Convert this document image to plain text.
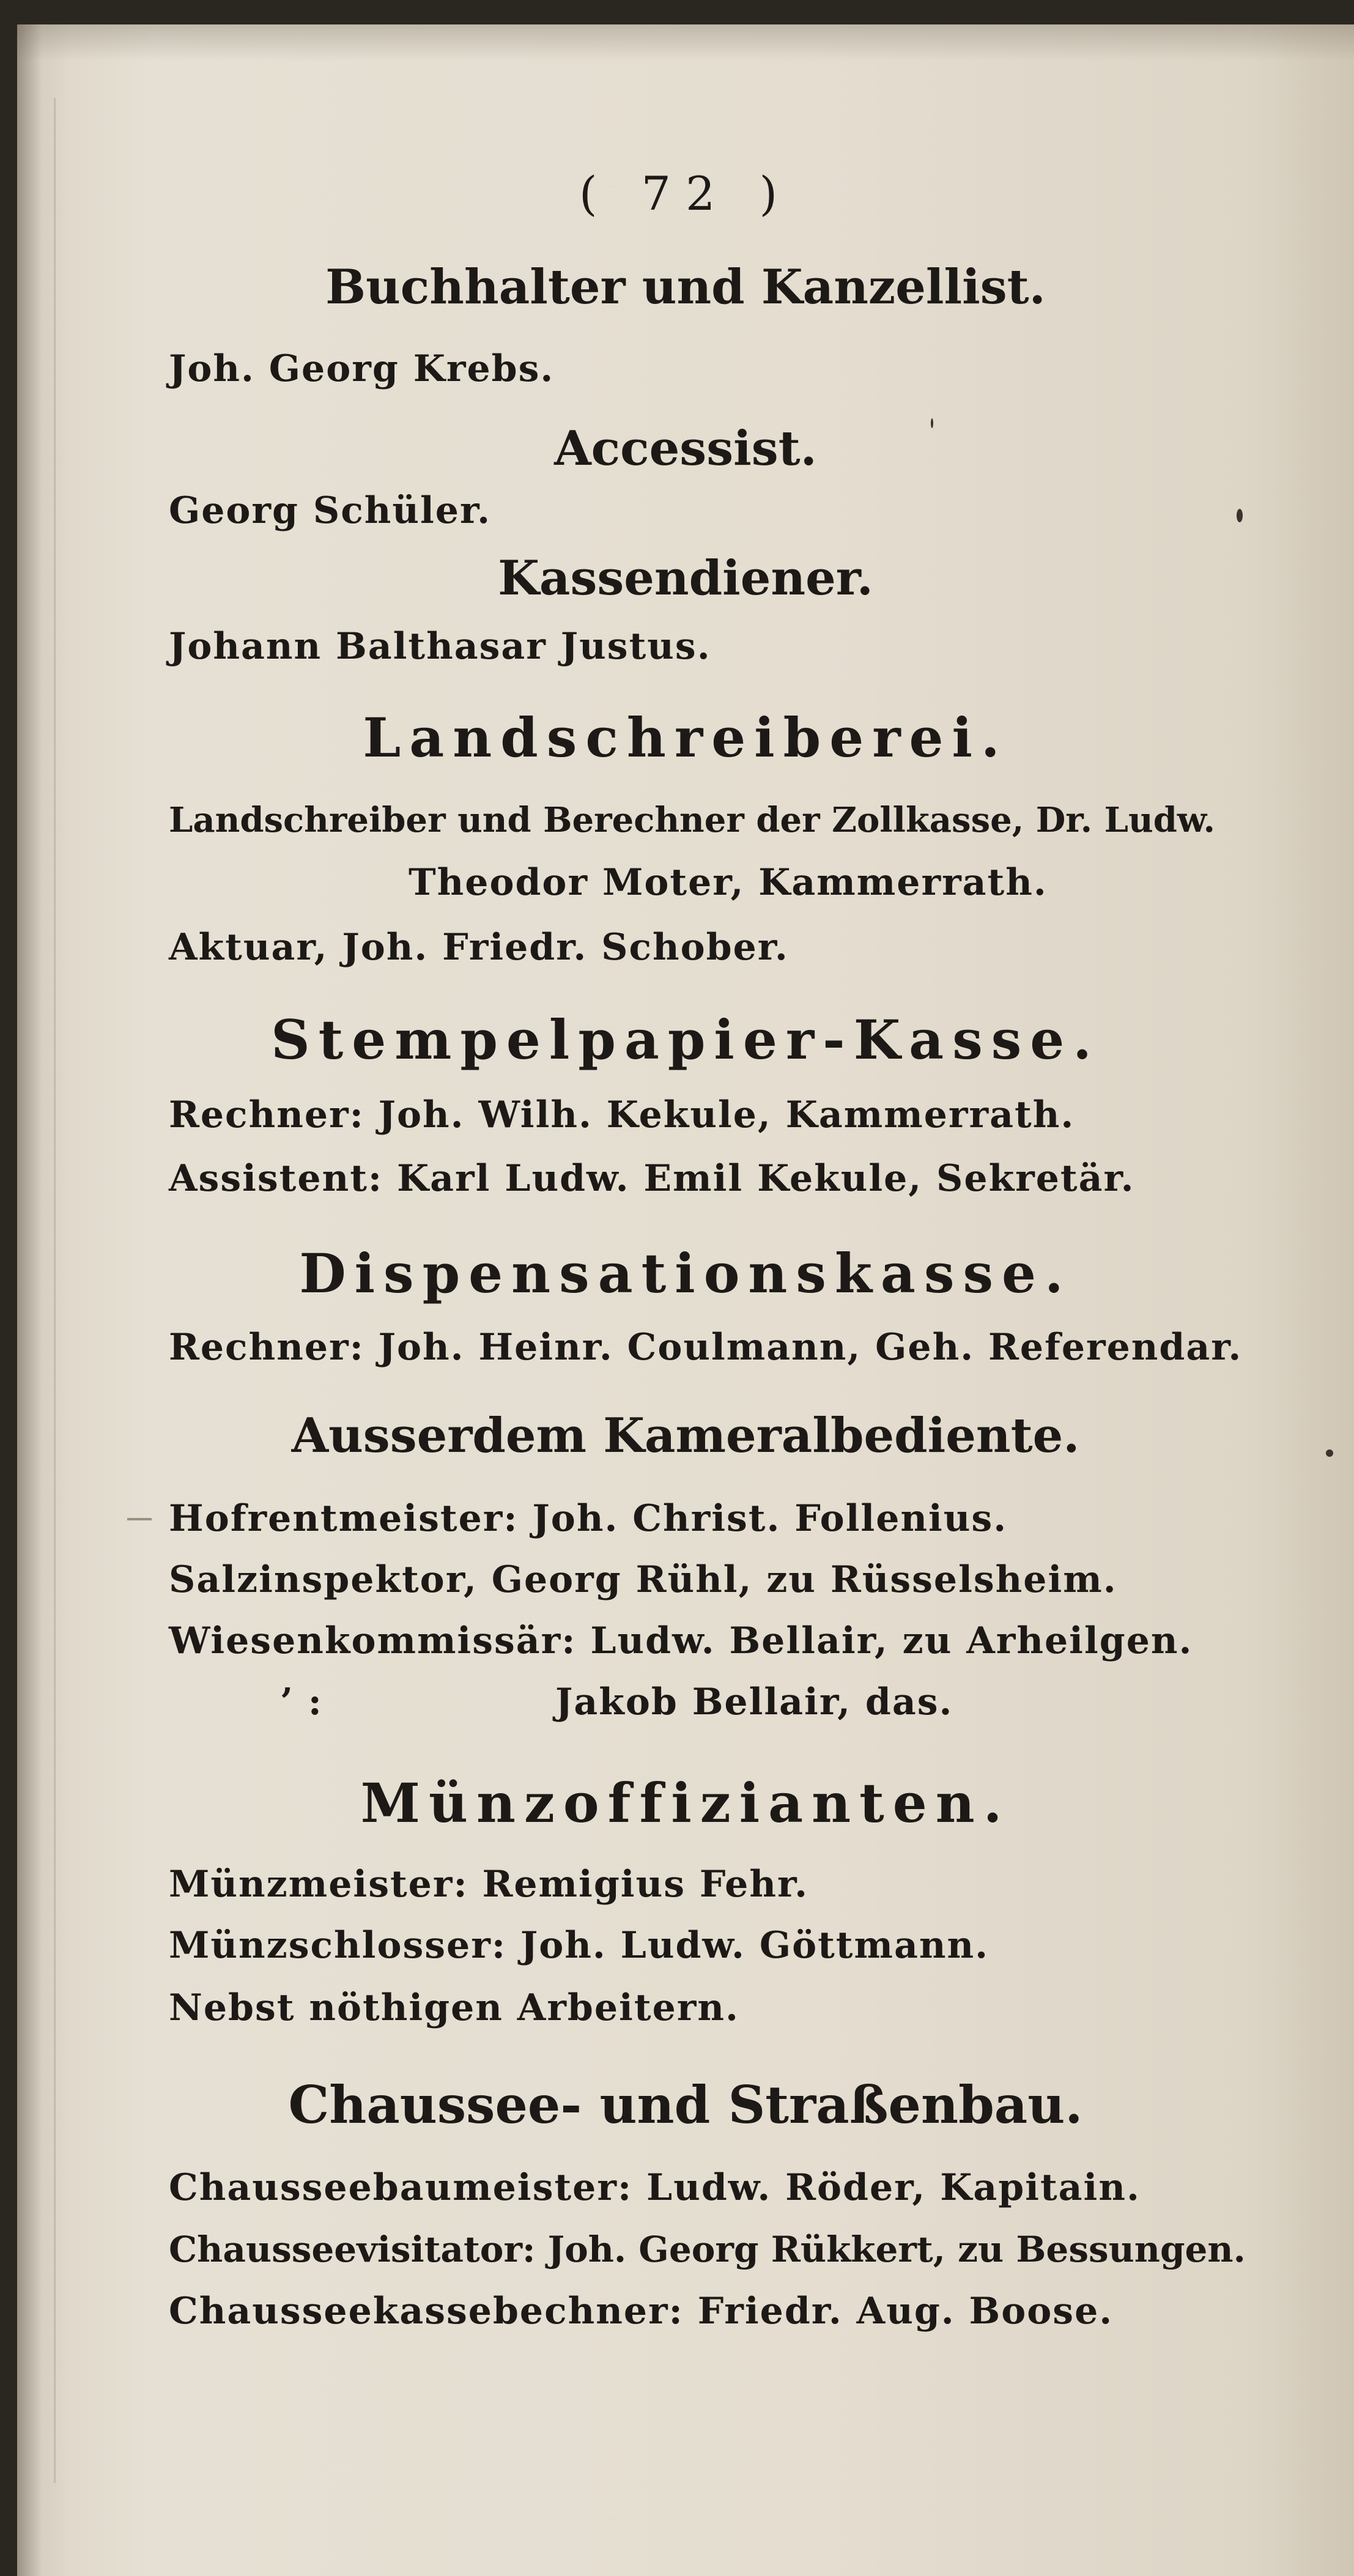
( 72 )
Buchhalter und Kanzellist.
Joh. Georg Krebs.
Accessist.
Georg Schüler.
Kassendiener.
Johann Balthasar Justus.
Landschreiberei.
Landschreiber und Berechner der Zollkasse, Dr. Ludw.
Theodor Moter, Kammerrath.
Aktuar, Joh. Friedr. Schober.
Stempelpapier-Kasse.
Rechner: Joh. Wilh. Kekule, Kammerrath.
Assistent: Karl Ludw. Emil Kekule, Sekretär.
Dispensationskasse.
Rechner: Joh. Heinr. Coulmann, Geh. Referendar.
Ausserdem Kameralbediente.
Hofrentmeister: Joh. Christ. Follenius.
Salzinspektor, Georg Rühl, zu Rüsselsheim.
Wiesenkommissär: Ludw. Bellair, zu Arheilgen.
’ :	Jakob Bellair, das.
Münzoffizianten.
Münzmeister: Remigius Fehr.
Münzschlosser: Joh. Ludw. Göttmann.
Nebst nöthigen Arbeitern.
Chaussee- und Straßenbau.
Chausseebaumeister: Ludw. Röder, Kapitain.
Chausseevisitator: Joh. Georg Rükkert, zu Bessungen.
Chausseekassebechner: Friedr. Aug. Boose.
